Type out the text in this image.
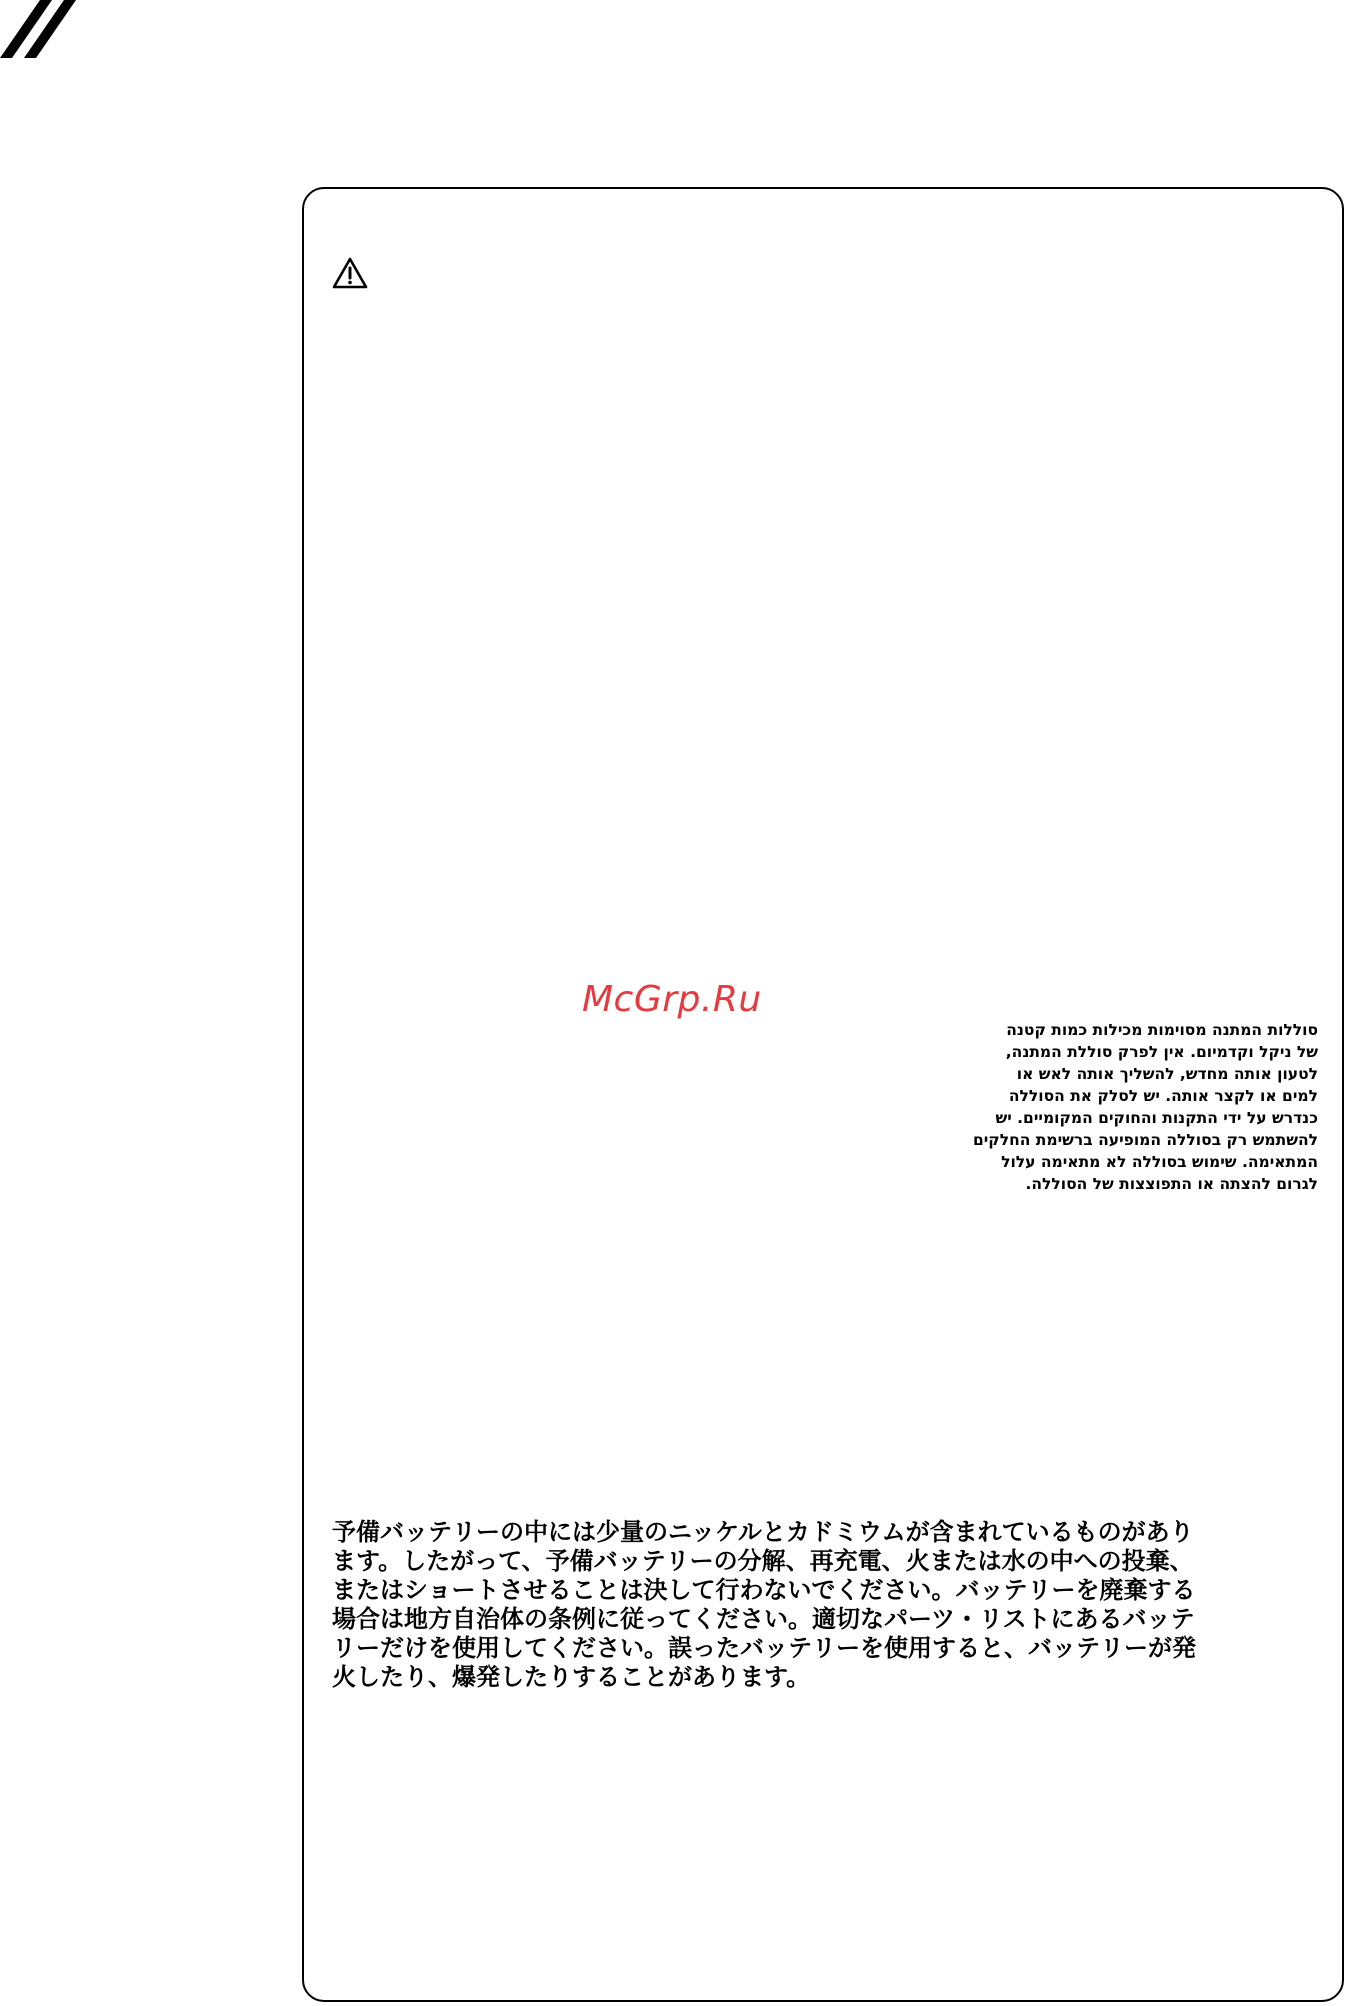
McGrp.Ru

סוללות המתנה מסוימות מכילות כמות קטנה
של ניקל וקדמיום. אין לפרק סוללת המתנה,
לטעון אותה מחדש, להשליך אותה לאש או
למים או לקצר אותה. יש לסלק את הסוללה
כנדרש על ידי התקנות והחוקים המקומיים. יש
להשתמש רק בסוללה המופיעה ברשימת החלקים
המתאימה. שימוש בסוללה לא מתאימה עלול
לגרום להצתה או התפוצצות של הסוללה.

予備バッテリーの中には少量のニッケルとカドミウムが含まれているものがあり
ます。したがって、予備バッテリーの分解、再充電、火または水の中への投棄、
またはショートさせることは決して行わないでください。バッテリーを廃棄する
場合は地方自治体の条例に従ってください。適切なパーツ・リストにあるバッテ
リーだけを使用してください。誤ったバッテリーを使用すると、バッテリーが発
火したり、爆発したりすることがあります。
